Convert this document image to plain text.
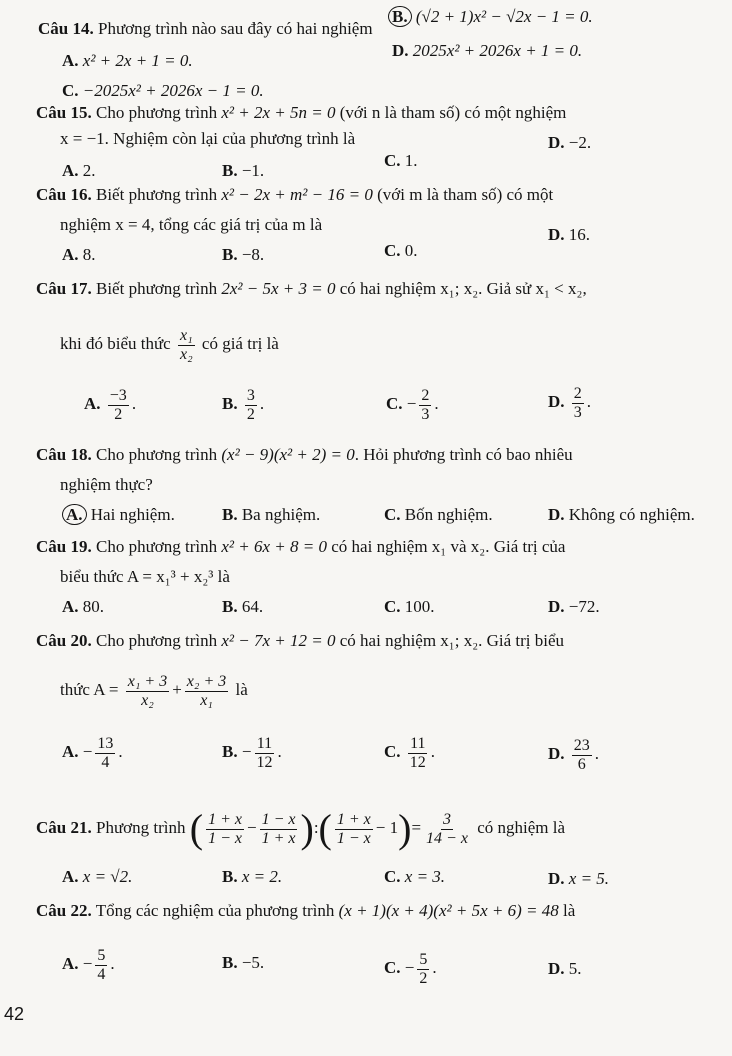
Câu 14. Phương trình nào sau đây có hai nghiệm
B. (√2 + 1)x² − √2x − 1 = 0.
A. x² + 2x + 1 = 0.
D. 2025x² + 2026x + 1 = 0.
C. −2025x² + 2026x − 1 = 0.
Câu 15. Cho phương trình x² + 2x + 5n = 0 (với n là tham số) có một nghiệm
x = −1. Nghiệm còn lại của phương trình là	D. −2.
A. 2.	B. −1.
C. 1.
Câu 16. Biết phương trình x² − 2x + m² − 16 = 0 (với m là tham số) có một
nghiệm x = 4, tổng các giá trị của m là
D. 16.
A. 8.	B. −8.	C. 0.
Câu 17. Biết phương trình 2x² − 5x + 3 = 0 có hai nghiệm x₁; x₂. Giả sử x₁ < x₂,
khi đó biểu thức $\frac{\text{x₁}}{\text{x₂}}$ có giá trị là
A. $\frac{-3}{2}$ .	B. $\frac{3}{2}$ .	C. − $\frac{2}{3}$ .	D. $\frac{2}{3}$ .
Câu 18. Cho phương trình (x² − 9)(x² + 2) = 0. Hỏi phương trình có bao nhiêu
nghiệm thực?
A. Hai nghiệm.	B. Ba nghiệm.	C. Bốn nghiệm.	D. Không có nghiệm.
Câu 19. Cho phương trình x² + 6x + 8 = 0 có hai nghiệm x₁ và x₂. Giá trị của
biểu thức A = x₁³ + x₂³ là
A. 80.	B. 64.	C. 100.	D. −72.
Câu 20. Cho phương trình x² − 7x + 12 = 0 có hai nghiệm x₁; x₂. Giá trị biểu
thức $A = \frac{\text{x₁ + 3}}{\text{x₂}} + \frac{\text{x₂ + 3}}{\text{x₁}}$ là
A. − $\frac{13}{4}$ .	B. − $\frac{11}{12}$ .	C. $\frac{11}{12}$ .	D. $\frac{23}{6}$ .
Câu 21. Phương trình ( $\frac{1 + x}{1 - x} - \frac{1 - x}{1 + x}$ ):( $\frac{1 + x}{1 - x} - 1)= \frac{3}{14 - x}$ có nghiệm là
A. x = √2.	B. x = 2.	C. x = 3.	D. x = 5.
Câu 22. Tổng các nghiệm của phương trình (x + 1)(x + 4)(x² + 5x + 6) = 48 là
A. − $\frac{5}{4}$ .	B. −5.	C. − $\frac{5}{2}$ .	D. 5.
42
